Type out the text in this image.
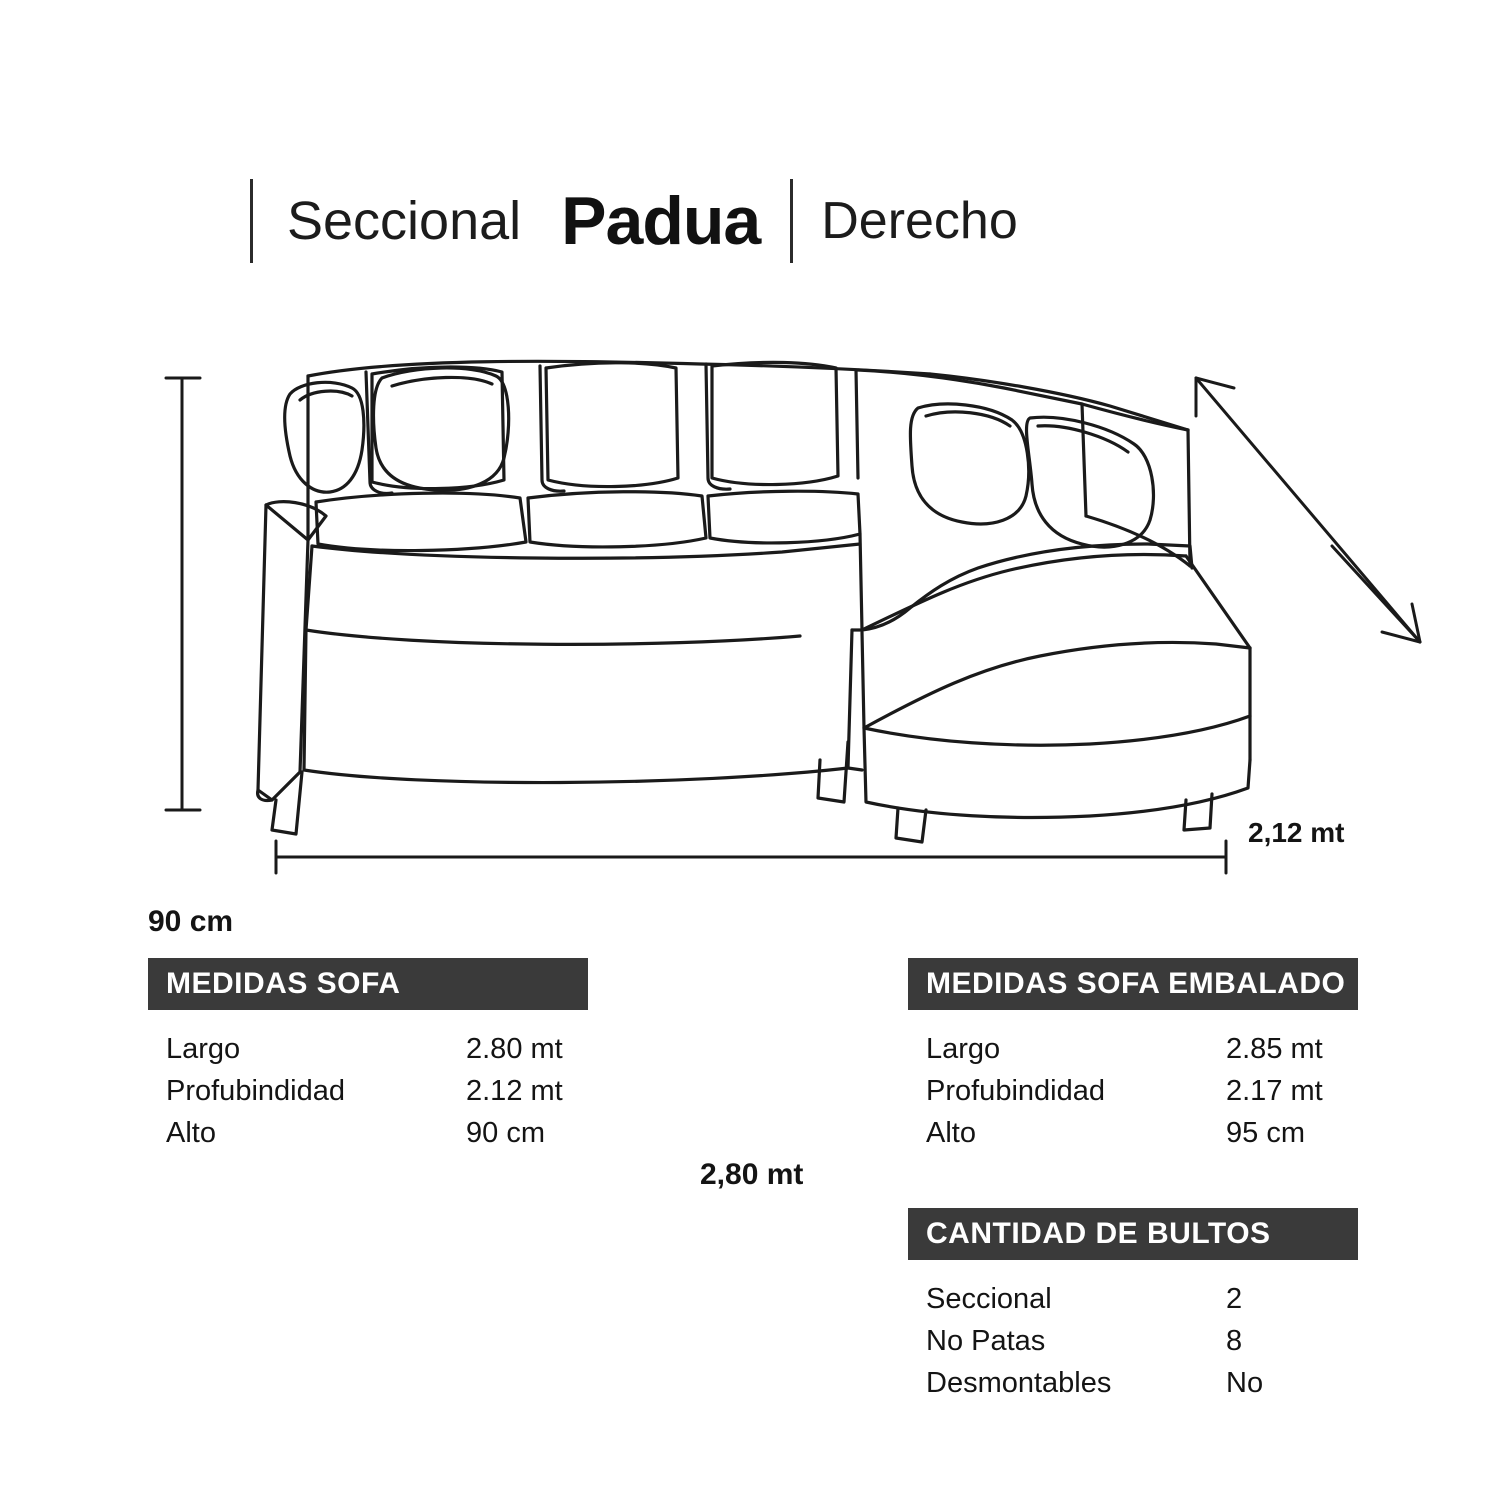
Seccional Padua Derecho
90 cm
2,12 mt
2,80 mt
MEDIDAS SOFA
Largo	2.80 mt
Profubindidad	2.12 mt
Alto	90 cm
MEDIDAS SOFA EMBALADO
Largo	2.85 mt
Profubindidad	2.17 mt
Alto	95 cm
CANTIDAD DE BULTOS
Seccional	2
No Patas	8
Desmontables	No
